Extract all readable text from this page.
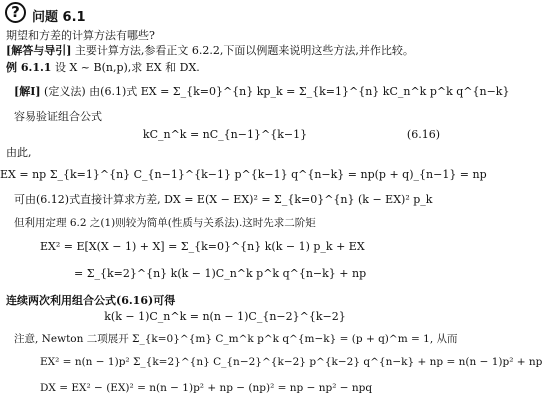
? 问题 6.1
期望和方差的计算方法有哪些?
[解答与导引] 主要计算方法,参看正文 6.2.2,下面以例题来说明这些方法,并作比较。
例 6.1.1 设 X ~ B(n,p),求 EX 和 DX.
[解Ⅰ] (定义法) 由(6.1)式 EX = Σ_{k=0}^{n} kp_k = Σ_{k=1}^{n} kC_n^k p^k q^{n−k}
容易验证组合公式
kC_n^k = nC_{n−1}^{k−1}	(6.16)
由此,
EX = np Σ_{k=1}^{n} C_{n−1}^{k−1} p^{k−1} q^{n−k} = np(p + q)_{n−1} = np
可由(6.12)式直接计算求方差, DX = E(X − EX)² = Σ_{k=0}^{n} (k − EX)² p_k
但利用定理 6.2 之(1)则较为简单(性质与关系法).这时先求二阶矩
EX² = E[X(X − 1) + X] = Σ_{k=0}^{n} k(k − 1) p_k + EX
= Σ_{k=2}^{n} k(k − 1)C_n^k p^k q^{n−k} + np
连续两次利用组合公式(6.16)可得
k(k − 1)C_n^k = n(n − 1)C_{n−2}^{k−2}
注意, Newton 二项展开 Σ_{k=0}^{m} C_m^k p^k q^{m−k} = (p + q)^m = 1, 从而
EX² = n(n − 1)p² Σ_{k=2}^{n} C_{n−2}^{k−2} p^{k−2} q^{n−k} + np = n(n − 1)p² + np
DX = EX² − (EX)² = n(n − 1)p² + np − (np)² = np − np² − npq
